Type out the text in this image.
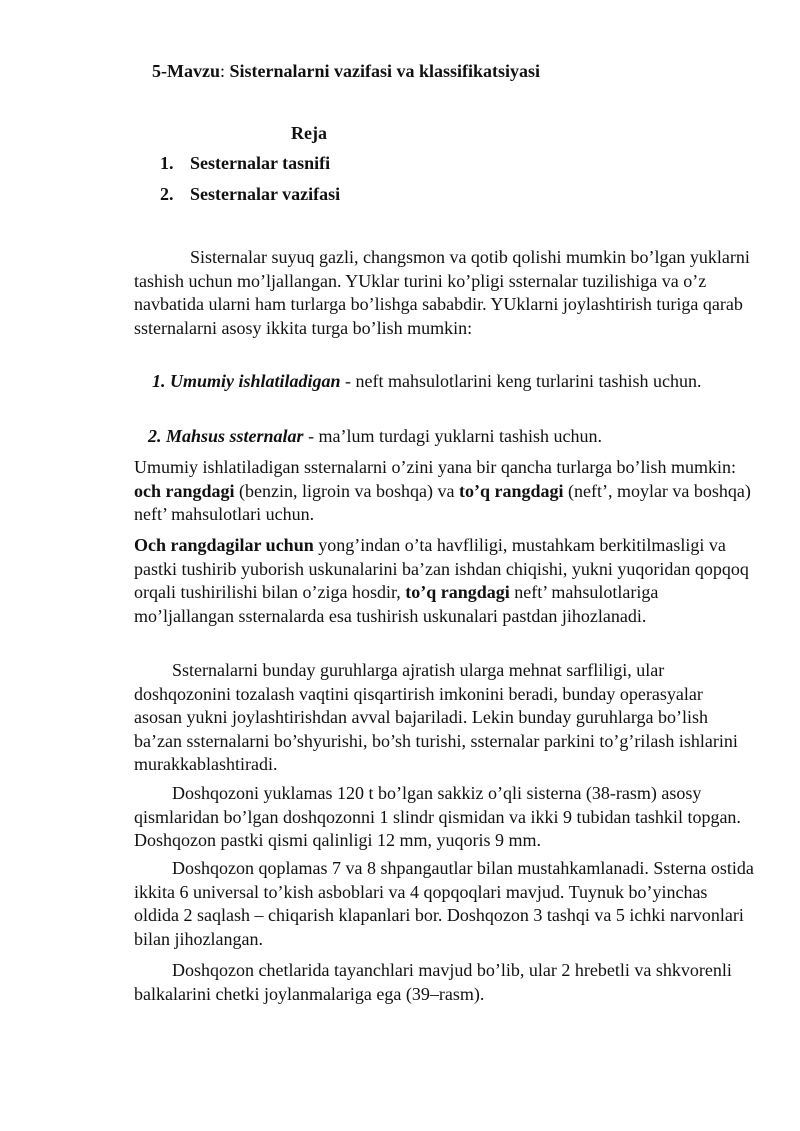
5-Mavzu: Sisternalarni vazifasi va klassifikatsiyasi
Reja
1. Sesternalar tasnifi
2. Sesternalar vazifasi

Sisternalar suyuq gazli, changsmon va qotib qolishi mumkin bo’lgan yuklarni tashish uchun mo’ljallangan. YUklar turini ko’pligi ssternalar tuzilishiga va o’z navbatida ularni ham turlarga bo’lishga sababdir. YUklarni joylashtirish turiga qarab ssternalarni asosy ikkita turga bo’lish mumkin:

1. Umumiy ishlatiladigan - neft mahsulotlarini keng turlarini tashish uchun.
2. Mahsus ssternalar - ma’lum turdagi yuklarni tashish uchun.

Umumiy ishlatiladigan ssternalarni o’zini yana bir qancha turlarga bo’lish mumkin: och rangdagi (benzin, ligroin va boshqa) va to’q rangdagi (neft’, moylar va boshqa) neft’ mahsulotlari uchun.

Och rangdagilar uchun yong’indan o’ta havfliligi, mustahkam berkitilmasligi va pastki tushirib yuborish uskunalarini ba’zan ishdan chiqishi, yukni yuqoridan qopqoq orqali tushirilishi bilan o’ziga hosdir, to’q rangdagi neft’ mahsulotlariga mo’ljallangan ssternalarda esa tushirish uskunalari pastdan jihozlanadi.

Ssternalarni bunday guruhlarga ajratish ularga mehnat sarfliligi, ular doshqozonini tozalash vaqtini qisqartirish imkonini beradi, bunday operasyalar asosan yukni joylashtirishdan avval bajariladi. Lekin bunday guruhlarga bo’lish ba’zan ssternalarni bo’shyurishi, bo’sh turishi, ssternalar parkini to’g’rilash ishlarini murakkablashtiradi.

Doshqozoni yuklamas 120 t bo’lgan sakkiz o’qli sisterna (38-rasm) asosy qismlaridan bo’lgan doshqozonni 1 slindr qismidan va ikki 9 tubidan tashkil topgan. Doshqozon pastki qismi qalinligi 12 mm, yuqoris 9 mm.

Doshqozon qoplamas 7 va 8 shpangautlar bilan mustahkamlanadi. Ssterna ostida ikkita 6 universal to’kish asboblari va 4 qopqoqlari mavjud. Tuynuk bo’yinchas oldida 2 saqlash – chiqarish klapanlari bor. Doshqozon 3 tashqi va 5 ichki narvonlari bilan jihozlangan.

Doshqozon chetlarida tayanchlari mavjud bo’lib, ular 2 hrebetli va shkvorenli balkalarini chetki joylanmalariga ega (39–rasm).
